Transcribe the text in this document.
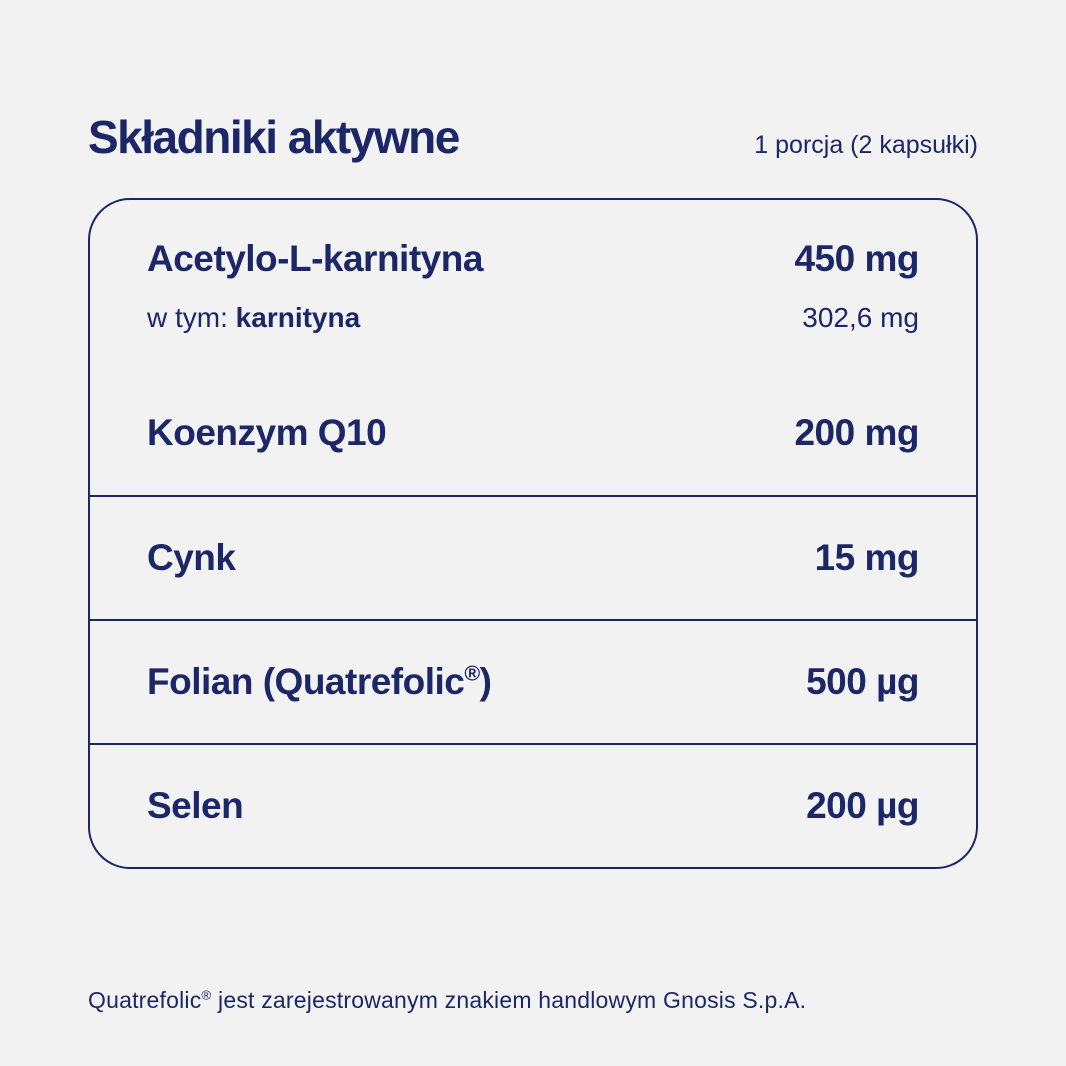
Składniki aktywne	1 porcja (2 kapsułki)
Acetylo-L-karnityna	450 mg
w tym: karnityna	302,6 mg
Koenzym Q10	200 mg
Cynk	15 mg
Folian (Quatrefolic®)	500 µg
Selen	200 µg

Quatrefolic® jest zarejestrowanym znakiem handlowym Gnosis S.p.A.
